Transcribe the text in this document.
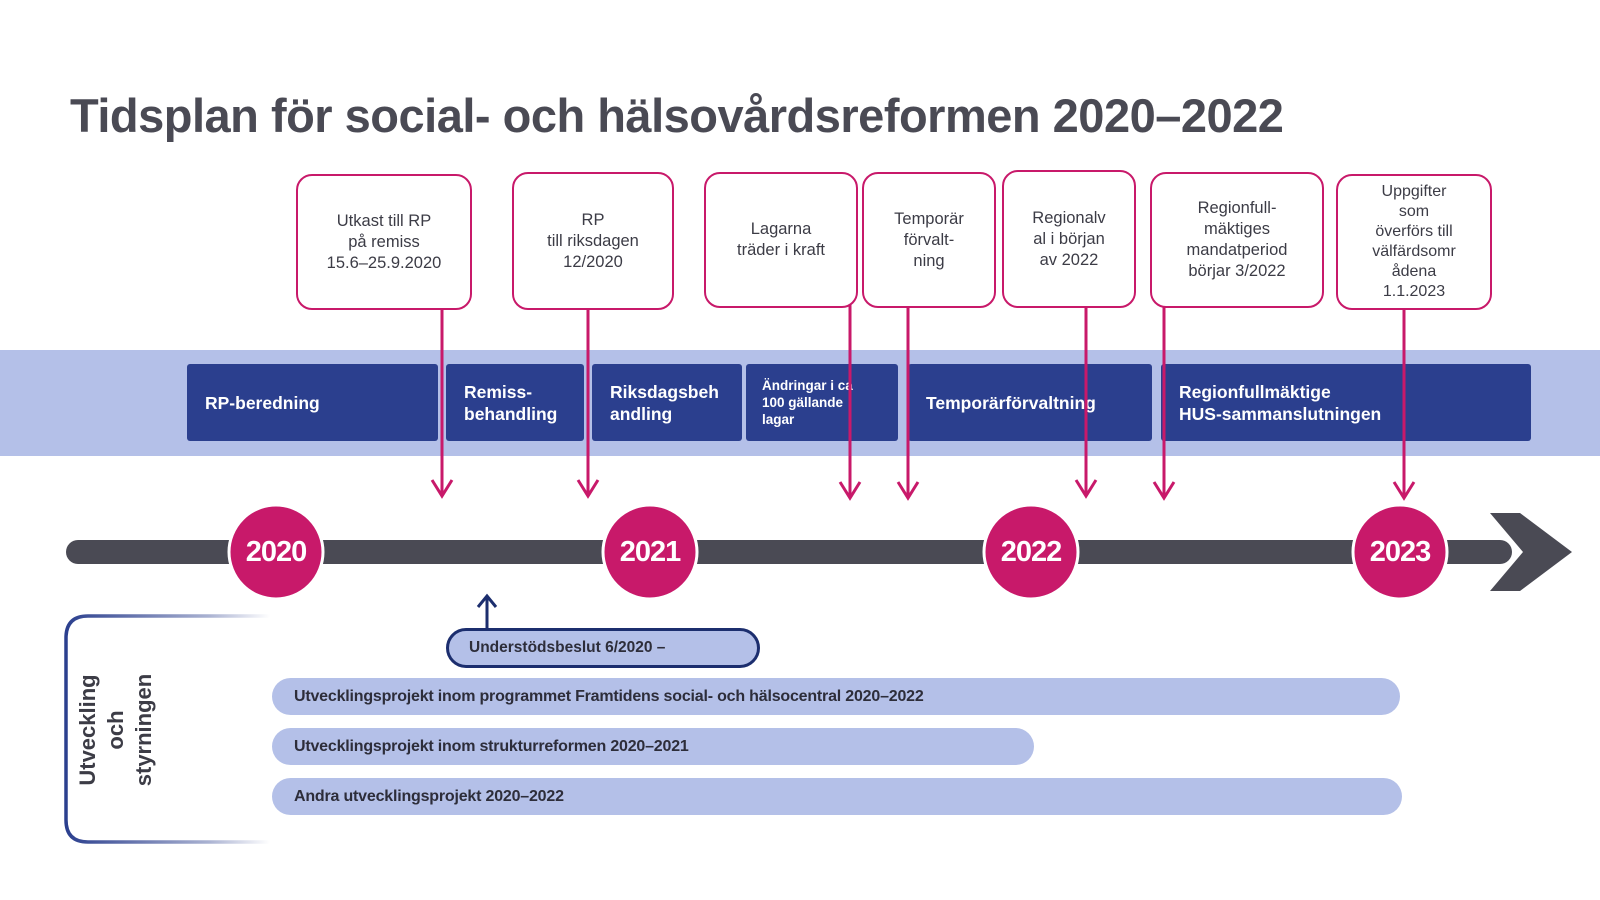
Tidsplan för social- och hälsovårdsreformen 2020–2022
RP-beredning
Remiss-
behandling
Riksdagsbeh
andling
Ändringar i ca
100 gällande
lagar
Temporärförvaltning
Regionfullmäktige
HUS-sammanslutningen
2020	2021	2022	2023
Utkast till RP
på remiss
15.6–25.9.2020
RP
till riksdagen
12/2020
Lagarna
träder i kraft
Temporär
förvalt-
ning
Regionalv
al i början
av 2022
Regionfull-
mäktiges
mandatperiod
börjar 3/2022
Uppgifter
som
överförs till
välfärdsomr
ådena
1.1.2023
Utveckling
och styrningen
Understödsbeslut 6/2020 –
Utvecklingsprojekt inom programmet Framtidens social- och hälsocentral 2020–2022
Utvecklingsprojekt inom strukturreformen 2020–2021
Andra utvecklingsprojekt 2020–2022
